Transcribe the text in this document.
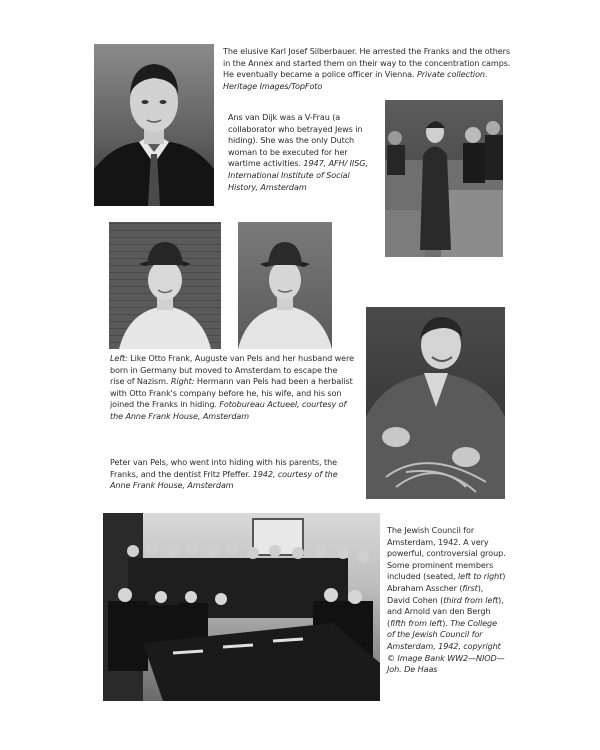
The elusive Karl Josef Silberbauer. He arrested the Franks and the others in the Annex and started them on their way to the concentration camps. He eventually became a police officer in Vienna. Private collection. Heritage Images/TopFoto
Ans van Dijk was a V-Frau (a collaborator who betrayed Jews in hiding). She was the only Dutch woman to be executed for her wartime activities. 1947, AFH/ IISG, International Institute of Social History, Amsterdam
Left: Like Otto Frank, Auguste van Pels and her husband were born in Germany but moved to Amsterdam to escape the rise of Nazism. Right: Hermann van Pels had been a herbalist with Otto Frank's company before he, his wife, and his son joined the Franks in hiding. Fotobureau Actueel, courtesy of the Anne Frank House, Amsterdam
Peter van Pels, who went into hiding with his parents, the Franks, and the dentist Fritz Pfeffer. 1942, courtesy of the Anne Frank House, Amsterdam
The Jewish Council for Amsterdam, 1942. A very powerful, controversial group. Some prominent members included (seated, left to right) Abraham Asscher (first), David Cohen (third from left), and Arnold van den Bergh (fifth from left). The College of the Jewish Council for Amsterdam, 1942, copyright © Image Bank WW2—NIOD—Joh. De Haas
